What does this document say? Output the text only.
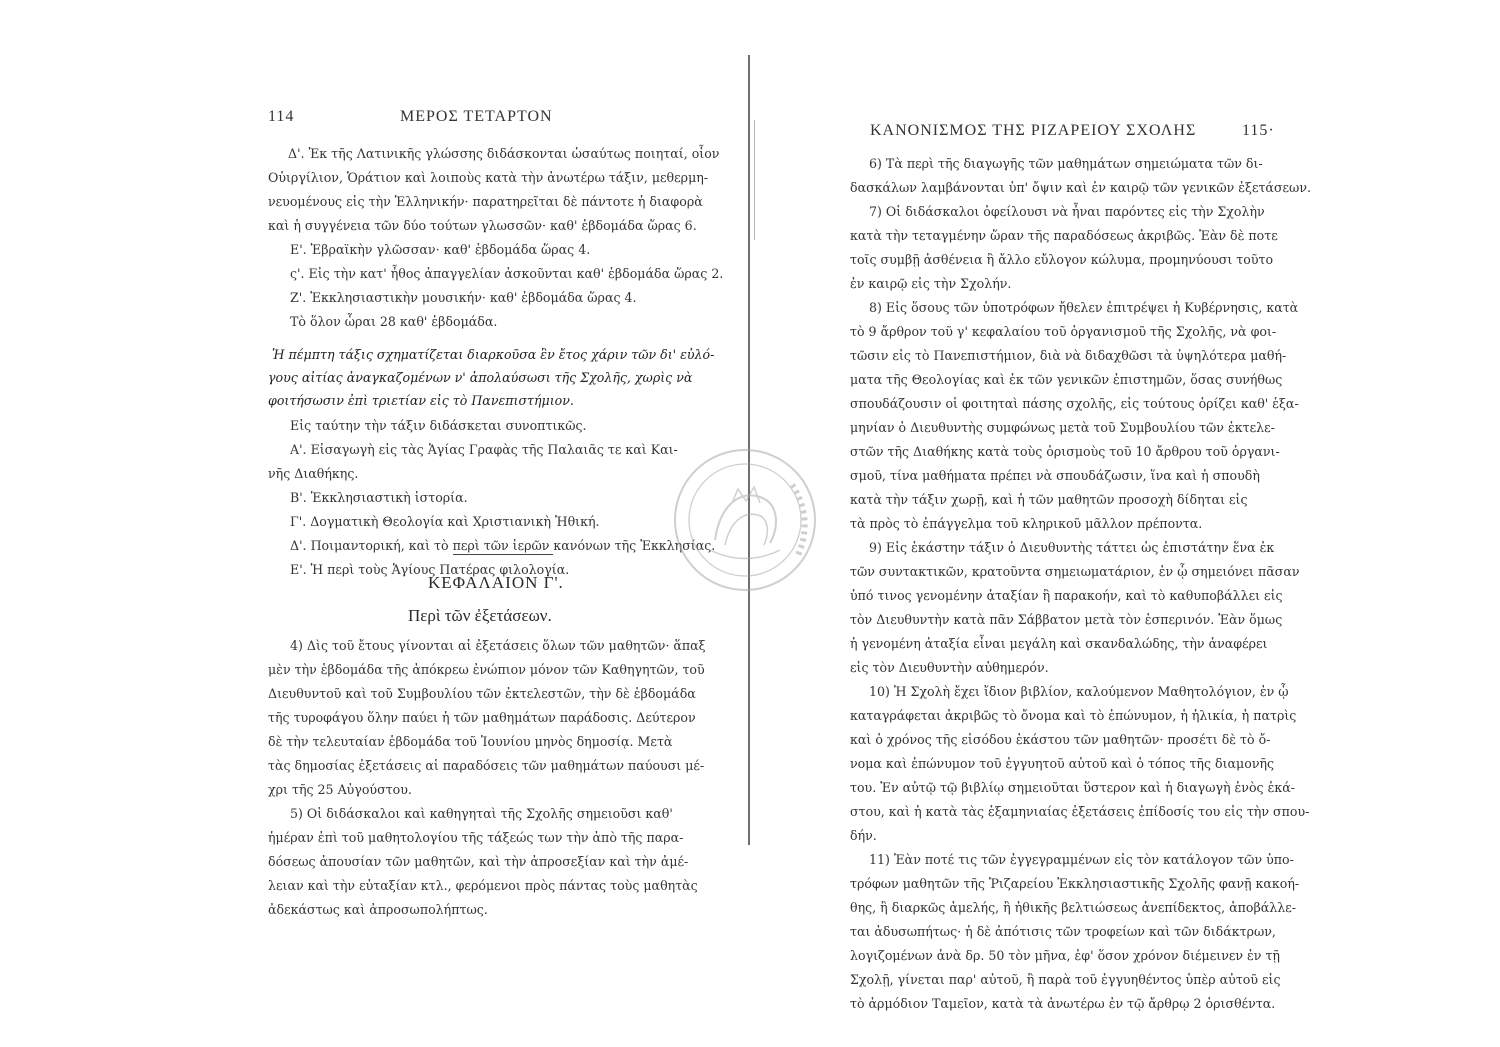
114	ΜΕΡΟΣ ΤΕΤΑΡΤΟΝ
Δ'. Ἐκ τῆς Λατινικῆς γλώσσης διδάσκονται ὡσαύτως ποιηταί, οἷον
Οὐιργίλιον, Ὁράτιον καὶ λοιποὺς κατὰ τὴν ἀνωτέρω τάξιν, μεθερμη-
νευομένους εἰς τὴν Ἑλληνικήν· παρατηρεῖται δὲ πάντοτε ἡ διαφορὰ
καὶ ἡ συγγένεια τῶν δύο τούτων γλωσσῶν· καθ' ἑβδομάδα ὥρας 6.
Ε'. Ἑβραϊκὴν γλῶσσαν· καθ' ἑβδομάδα ὥρας 4.
ς'. Εἰς τὴν κατ' ἦθος ἀπαγγελίαν ἀσκοῦνται καθ' ἑβδομάδα ὥρας 2.
Ζ'. Ἐκκλησιαστικὴν μουσικήν· καθ' ἑβδομάδα ὥρας 4.
Τὸ ὅλον ὧραι 28 καθ' ἑβδομάδα.
Ἡ πέμπτη τάξις σχηματίζεται διαρκοῦσα ἓν ἔτος χάριν τῶν δι' εὐλό-
γους αἰτίας ἀναγκαζομένων ν' ἀπολαύσωσι τῆς Σχολῆς, χωρὶς νὰ
φοιτήσωσιν ἐπὶ τριετίαν εἰς τὸ Πανεπιστήμιον.
Εἰς ταύτην τὴν τάξιν διδάσκεται συνοπτικῶς.
Α'. Εἰσαγωγὴ εἰς τὰς Ἁγίας Γραφὰς τῆς Παλαιᾶς τε καὶ Και-
νῆς Διαθήκης.
Β'. Ἐκκλησιαστικὴ ἱστορία.
Γ'. Δογματικὴ Θεολογία καὶ Χριστιανικὴ Ἠθική.
Δ'. Ποιμαντορική, καὶ τὸ περὶ τῶν ἱερῶν κανόνων τῆς Ἐκκλησίας.
Ε'. Ἡ περὶ τοὺς Ἁγίους Πατέρας φιλολογία.
ΚΕΦΑΛΑΙΟΝ Γ'.
Περὶ τῶν ἐξετάσεων.
4) Δὶς τοῦ ἔτους γίνονται αἱ ἐξετάσεις ὅλων τῶν μαθητῶν· ἅπαξ
μὲν τὴν ἑβδομάδα τῆς ἀπόκρεω ἐνώπιον μόνον τῶν Καθηγητῶν, τοῦ
Διευθυντοῦ καὶ τοῦ Συμβουλίου τῶν ἐκτελεστῶν, τὴν δὲ ἑβδομάδα
τῆς τυροφάγου ὅλην παύει ἡ τῶν μαθημάτων παράδοσις. Δεύτερον
δὲ τὴν τελευταίαν ἑβδομάδα τοῦ Ἰουνίου μηνὸς δημοσίᾳ. Μετὰ
τὰς δημοσίας ἐξετάσεις αἱ παραδόσεις τῶν μαθημάτων παύουσι μέ-
χρι τῆς 25 Αὐγούστου.
5) Οἱ διδάσκαλοι καὶ καθηγηταὶ τῆς Σχολῆς σημειοῦσι καθ'
ἡμέραν ἐπὶ τοῦ μαθητολογίου τῆς τάξεώς των τὴν ἀπὸ τῆς παρα-
δόσεως ἀπουσίαν τῶν μαθητῶν, καὶ τὴν ἀπροσεξίαν καὶ τὴν ἀμέ-
λειαν καὶ τὴν εὐταξίαν κτλ., φερόμενοι πρὸς πάντας τοὺς μαθητὰς
ἀδεκάστως καὶ ἀπροσωπολήπτως.
ΚΑΝΟΝΙΣΜΟΣ ΤΗΣ ΡΙΖΑΡΕΙΟΥ ΣΧΟΛΗΣ	115·
6) Τὰ περὶ τῆς διαγωγῆς τῶν μαθημάτων σημειώματα τῶν δι-
δασκάλων λαμβάνονται ὑπ' ὄψιν καὶ ἐν καιρῷ τῶν γενικῶν ἐξετάσεων.
7) Οἱ διδάσκαλοι ὀφείλουσι νὰ ἦναι παρόντες εἰς τὴν Σχολὴν
κατὰ τὴν τεταγμένην ὥραν τῆς παραδόσεως ἀκριβῶς. Ἐὰν δὲ ποτε
τοῖς συμβῇ ἀσθένεια ἢ ἄλλο εὔλογον κώλυμα, προμηνύουσι τοῦτο
ἐν καιρῷ εἰς τὴν Σχολήν.
8) Εἰς ὅσους τῶν ὑποτρόφων ἤθελεν ἐπιτρέψει ἡ Κυβέρνησις, κατὰ
τὸ 9 ἄρθρον τοῦ γ' κεφαλαίου τοῦ ὀργανισμοῦ τῆς Σχολῆς, νὰ φοι-
τῶσιν εἰς τὸ Πανεπιστήμιον, διὰ νὰ διδαχθῶσι τὰ ὑψηλότερα μαθή-
ματα τῆς Θεολογίας καὶ ἐκ τῶν γενικῶν ἐπιστημῶν, ὅσας συνήθως
σπουδάζουσιν οἱ φοιτηταὶ πάσης σχολῆς, εἰς τούτους ὁρίζει καθ' ἑξα-
μηνίαν ὁ Διευθυντὴς συμφώνως μετὰ τοῦ Συμβουλίου τῶν ἐκτελε-
στῶν τῆς Διαθήκης κατὰ τοὺς ὁρισμοὺς τοῦ 10 ἄρθρου τοῦ ὀργανι-
σμοῦ, τίνα μαθήματα πρέπει νὰ σπουδάζωσιν, ἵνα καὶ ἡ σπουδὴ
κατὰ τὴν τάξιν χωρῇ, καὶ ἡ τῶν μαθητῶν προσοχὴ δίδηται εἰς
τὰ πρὸς τὸ ἐπάγγελμα τοῦ κληρικοῦ μᾶλλον πρέποντα.
9) Εἰς ἑκάστην τάξιν ὁ Διευθυντὴς τάττει ὡς ἐπιστάτην ἕνα ἐκ
τῶν συντακτικῶν, κρατοῦντα σημειωματάριον, ἐν ᾧ σημειόνει πᾶσαν
ὑπό τινος γενομένην ἀταξίαν ἢ παρακοήν, καὶ τὸ καθυποβάλλει εἰς
τὸν Διευθυντὴν κατὰ πᾶν Σάββατον μετὰ τὸν ἑσπερινόν. Ἐὰν ὅμως
ἡ γενομένη ἀταξία εἶναι μεγάλη καὶ σκανδαλώδης, τὴν ἀναφέρει
εἰς τὸν Διευθυντὴν αὐθημερόν.
10) Ἡ Σχολὴ ἔχει ἴδιον βιβλίον, καλούμενον Μαθητολόγιον, ἐν ᾧ
καταγράφεται ἀκριβῶς τὸ ὄνομα καὶ τὸ ἐπώνυμον, ἡ ἡλικία, ἡ πατρὶς
καὶ ὁ χρόνος τῆς εἰσόδου ἑκάστου τῶν μαθητῶν· προσέτι δὲ τὸ ὄ-
νομα καὶ ἐπώνυμον τοῦ ἐγγυητοῦ αὐτοῦ καὶ ὁ τόπος τῆς διαμονῆς
του. Ἐν αὐτῷ τῷ βιβλίῳ σημειοῦται ὕστερον καὶ ἡ διαγωγὴ ἑνὸς ἑκά-
στου, καὶ ἡ κατὰ τὰς ἑξαμηνιαίας ἐξετάσεις ἐπίδοσίς του εἰς τὴν σπου-
δήν.
11) Ἐὰν ποτέ τις τῶν ἐγγεγραμμένων εἰς τὸν κατάλογον τῶν ὑπο-
τρόφων μαθητῶν τῆς Ῥιζαρείου Ἐκκλησιαστικῆς Σχολῆς φανῇ κακοή-
θης, ἢ διαρκῶς ἀμελής, ἢ ἠθικῆς βελτιώσεως ἀνεπίδεκτος, ἀποβάλλε-
ται ἀδυσωπήτως· ἡ δὲ ἀπότισις τῶν τροφείων καὶ τῶν διδάκτρων,
λογιζομένων ἀνὰ δρ. 50 τὸν μῆνα, ἐφ' ὅσον χρόνον διέμεινεν ἐν τῇ
Σχολῇ, γίνεται παρ' αὐτοῦ, ἢ παρὰ τοῦ ἐγγυηθέντος ὑπὲρ αὐτοῦ εἰς
τὸ ἁρμόδιον Ταμεῖον, κατὰ τὰ ἀνωτέρω ἐν τῷ ἄρθρῳ 2 ὁρισθέντα.
